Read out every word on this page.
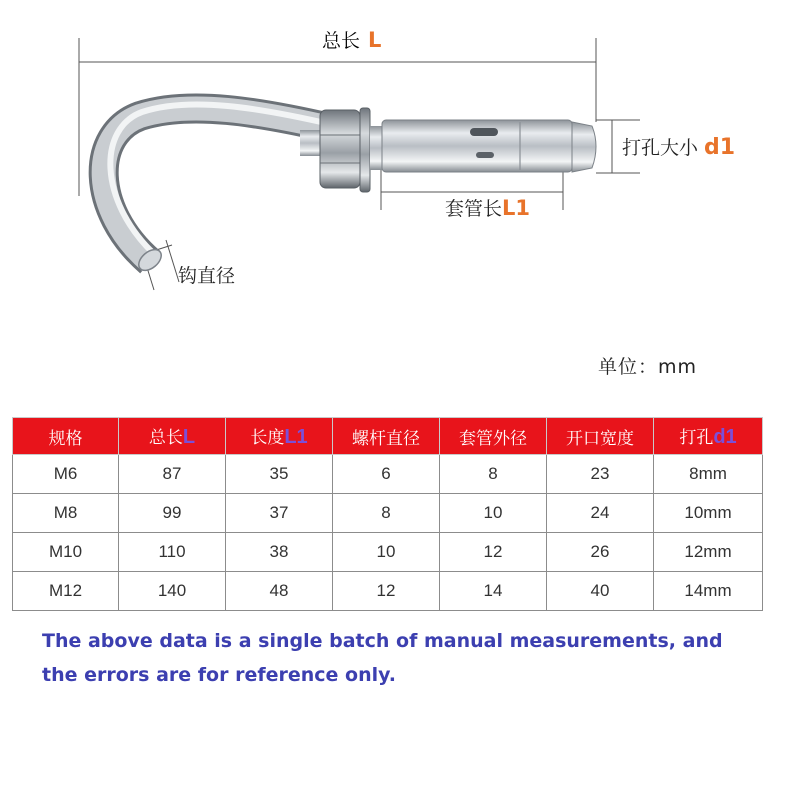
总长 L
打孔大小 d1
套管长L1
钩直径
单位：mm
规格	总长L	长度L1	螺杆直径	套管外径	开口宽度	打孔d1
M6	87	35	6	8	23	8mm
M8	99	37	8	10	24	10mm
M10	110	38	10	12	26	12mm
M12	140	48	12	14	40	14mm
The above data is a single batch of manual measurements, and the errors are for reference only.
